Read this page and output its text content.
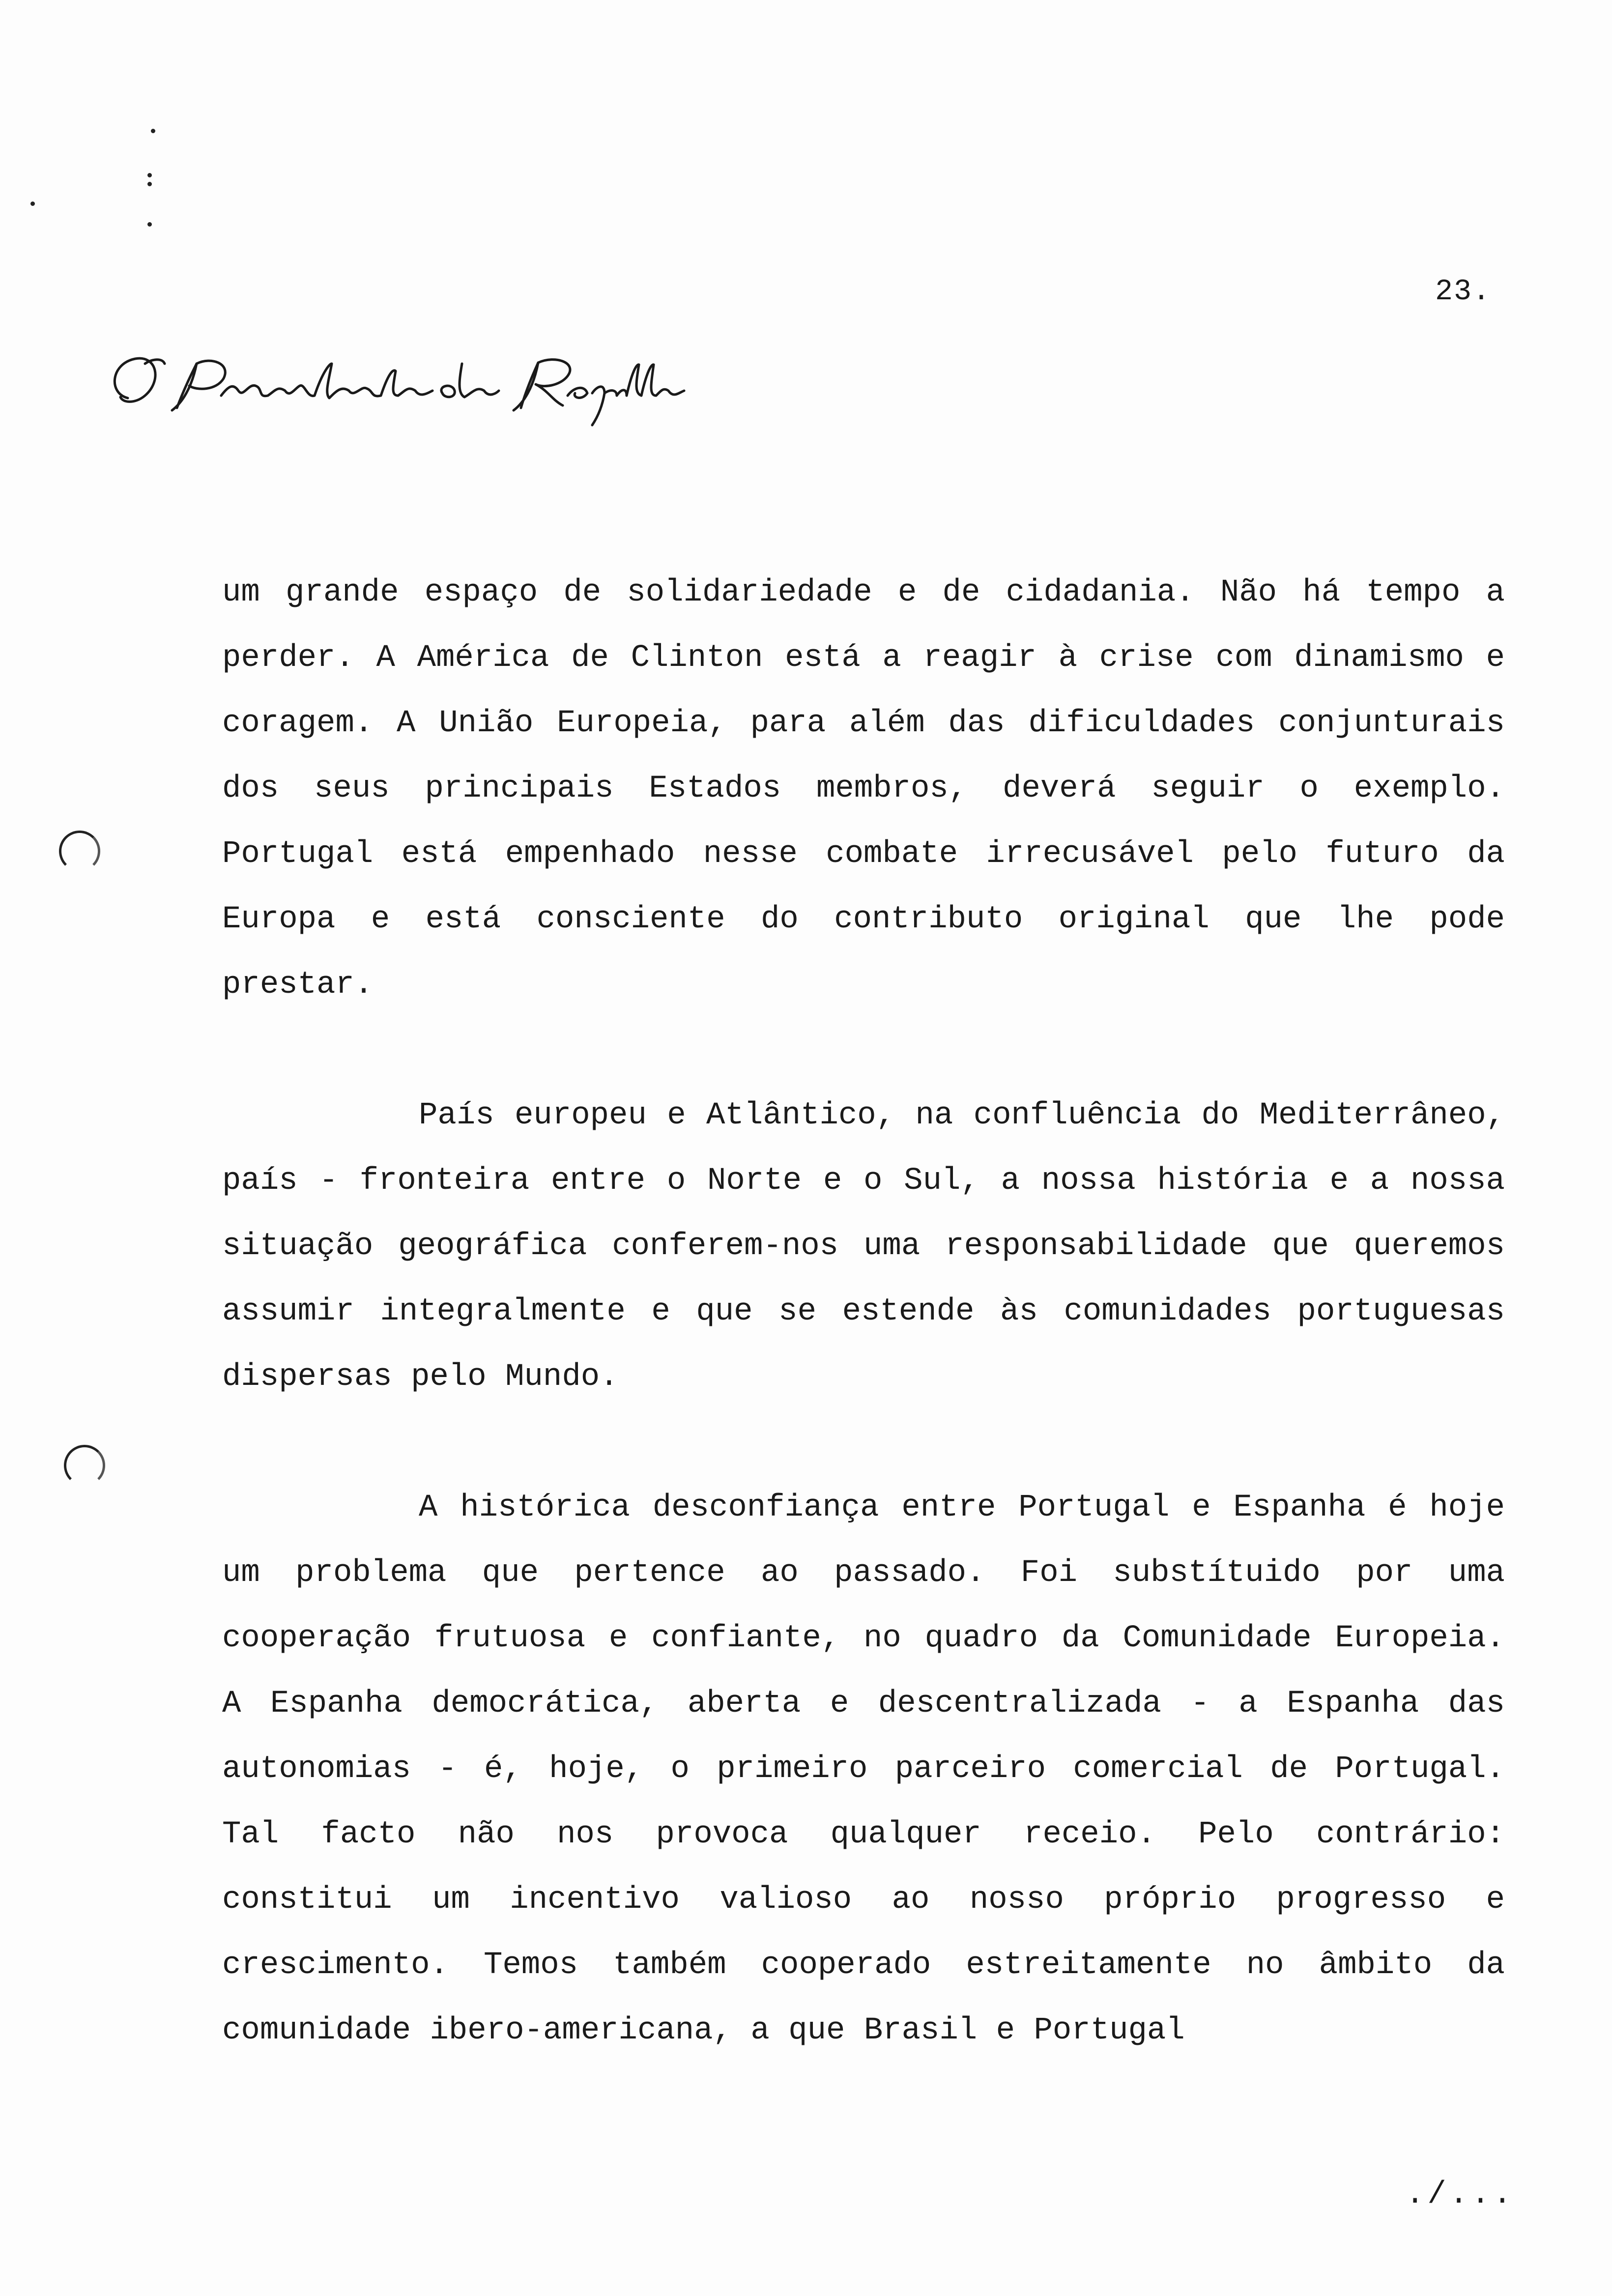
23.

um grande espaço de solidariedade e de cidadania. Não há tempo a perder. A América de Clinton está a reagir à crise com dinamismo e coragem. A União Europeia, para além das dificuldades conjunturais dos seus principais Estados membros, deverá seguir o exemplo. Portugal está empenhado nesse combate irrecusável pelo futuro da Europa e está consciente do contributo original que lhe pode prestar.

País europeu e Atlântico, na confluência do Mediterrâneo, país - fronteira entre o Norte e o Sul, a nossa história e a nossa situação geográfica conferem-nos uma responsabilidade que queremos assumir integralmente e que se estende às comunidades portuguesas dispersas pelo Mundo.

A histórica desconfiança entre Portugal e Espanha é hoje um problema que pertence ao passado. Foi substítuido por uma cooperação frutuosa e confiante, no quadro da Comunidade Europeia. A Espanha democrática, aberta e descentralizada - a Espanha das autonomias - é, hoje, o primeiro parceiro comercial de Portugal. Tal facto não nos provoca qualquer receio. Pelo contrário: constitui um incentivo valioso ao nosso próprio progresso e crescimento. Temos também cooperado estreitamente no âmbito da comunidade ibero-americana, a que Brasil e Portugal

./...
